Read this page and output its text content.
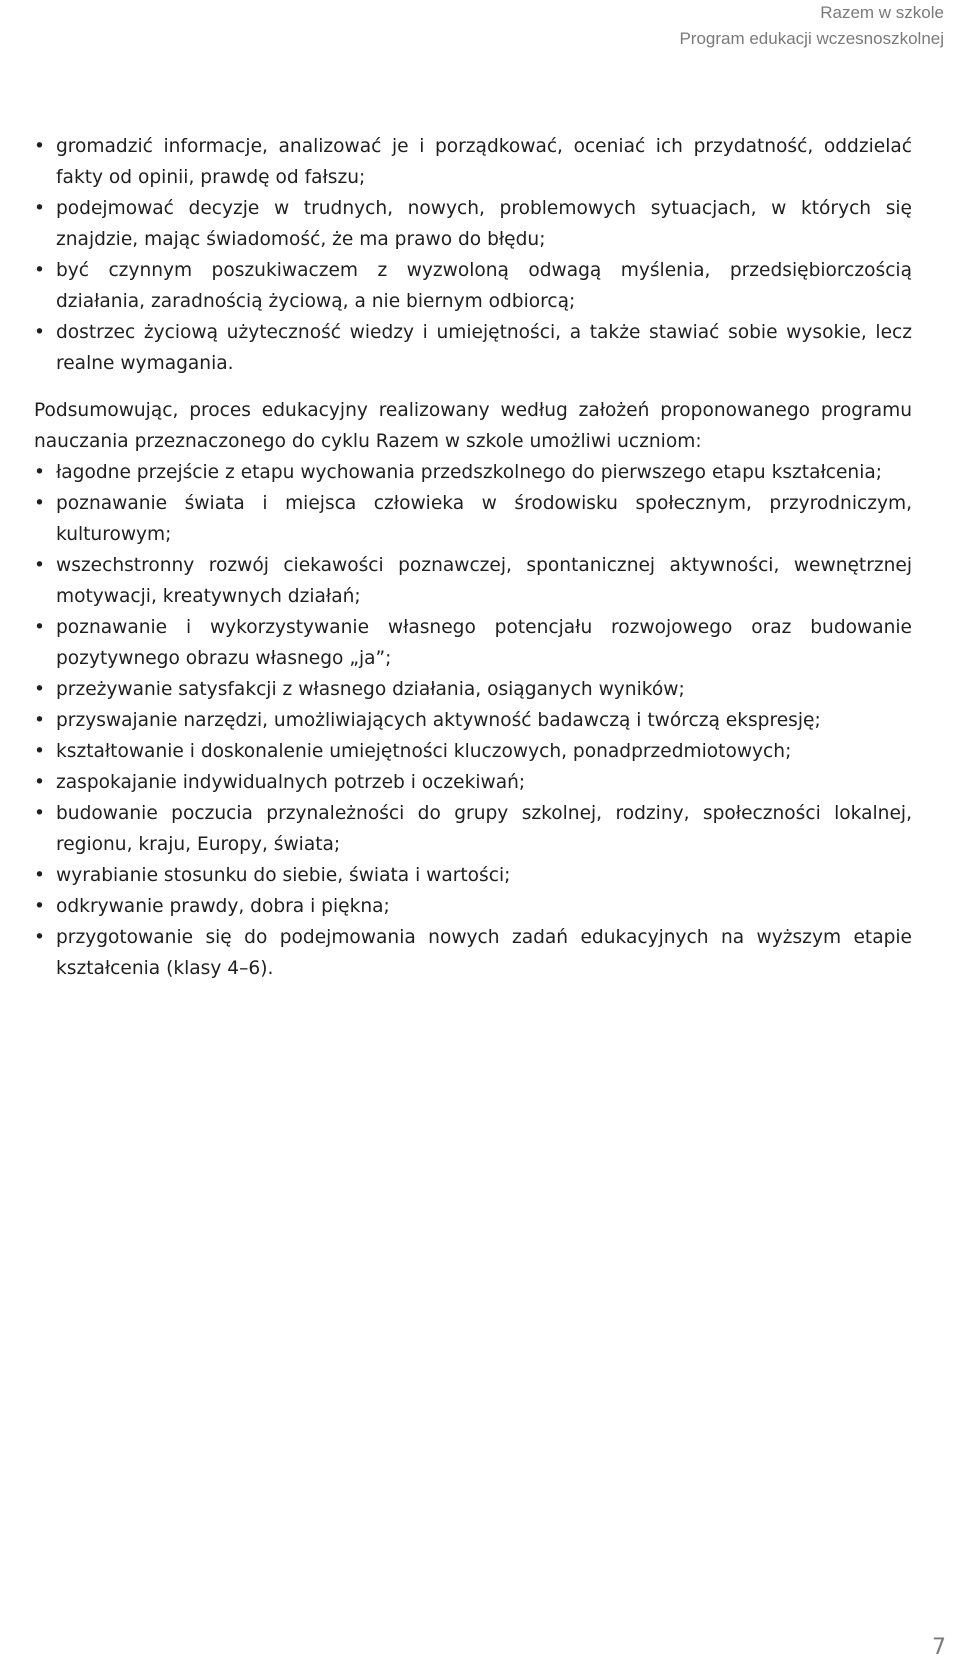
Razem w szkole
Program edukacji wczesnoszkolnej
• gromadzić informacje, analizować je i porządkować, oceniać ich przydatność, oddzielać fakty od opinii, prawdę od fałszu;
• podejmować decyzje w trudnych, nowych, problemowych sytuacjach, w których się znajdzie, mając świadomość, że ma prawo do błędu;
• być czynnym poszukiwaczem z wyzwoloną odwagą myślenia, przedsiębiorczością działania, zaradnością życiową, a nie biernym odbiorcą;
• dostrzec życiową użyteczność wiedzy i umiejętności, a także stawiać sobie wysokie, lecz realne wymagania.

Podsumowując, proces edukacyjny realizowany według założeń proponowanego programu nauczania przeznaczonego do cyklu Razem w szkole umożliwi uczniom:

• łagodne przejście z etapu wychowania przedszkolnego do pierwszego etapu kształcenia;
• poznawanie świata i miejsca człowieka w środowisku społecznym, przyrodniczym, kulturowym;
• wszechstronny rozwój ciekawości poznawczej, spontanicznej aktywności, wewnętrznej motywacji, kreatywnych działań;
• poznawanie i wykorzystywanie własnego potencjału rozwojowego oraz budowanie pozytywnego obrazu własnego „ja”;
• przeżywanie satysfakcji z własnego działania, osiąganych wyników;
• przyswajanie narzędzi, umożliwiających aktywność badawczą i twórczą ekspresję;
• kształtowanie i doskonalenie umiejętności kluczowych, ponadprzedmiotowych;
• zaspokajanie indywidualnych potrzeb i oczekiwań;
• budowanie poczucia przynależności do grupy szkolnej, rodziny, społeczności lokalnej, regionu, kraju, Europy, świata;
• wyrabianie stosunku do siebie, świata i wartości;
• odkrywanie prawdy, dobra i piękna;
• przygotowanie się do podejmowania nowych zadań edukacyjnych na wyższym etapie kształcenia (klasy 4–6).
7
